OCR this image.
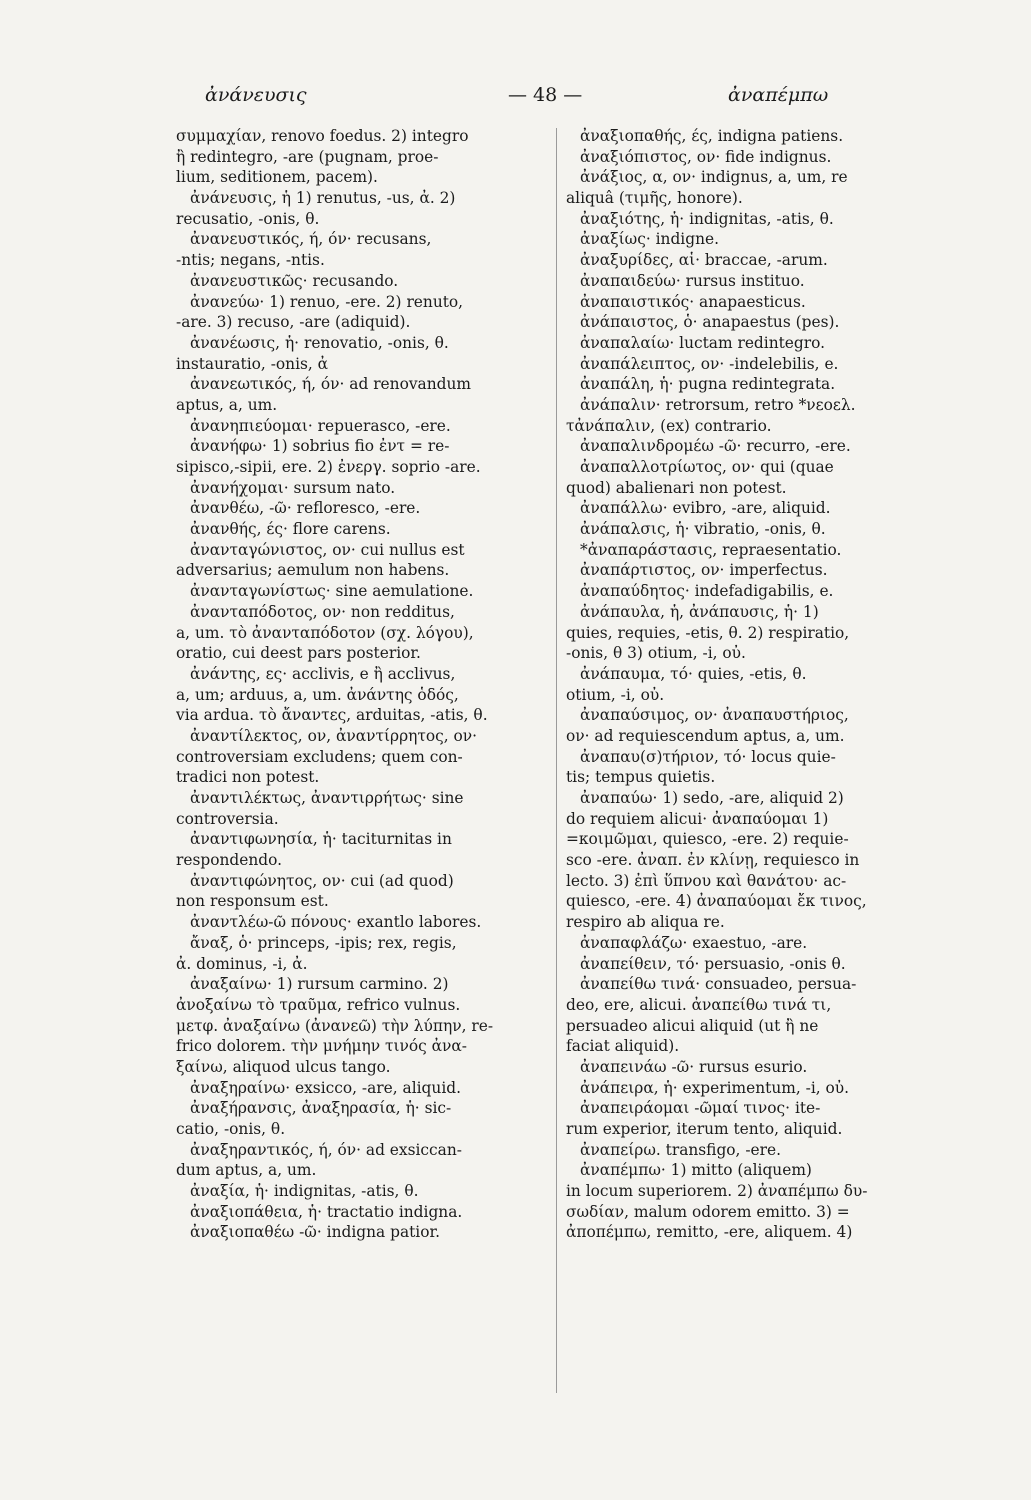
ἀνάνευσις	— 48 —	ἀναπέμπω
συμμαχίαν, renovo foedus. 2) integro
ἢ redintegro, -are (pugnam, proe-
lium, seditionem, pacem).
ἀνάνευσις, ἡ 1) renutus, -us, ἀ. 2)
recusatio, -onis, θ.
ἀνανευστικός, ή, όν· recusans,
-ntis; negans, -ntis.
ἀνανευστικῶς· recusando.
ἀνανεύω· 1) renuo, -ere. 2) renuto,
-are. 3) recuso, -are (adiquid).
ἀνανέωσις, ἡ· renovatio, -onis, θ.
instauratio, -onis, ἀ
ἀνανεωτικός, ή, όν· ad renovandum
aptus, a, um.
ἀνανηπιεύομαι· repuerasco, -ere.
ἀνανήφω· 1) sobrius fio ἐντ = re-
sipisco,-sipii, ere. 2) ἐνεργ. soprio -are.
ἀνανήχομαι· sursum nato.
ἀνανθέω, -ῶ· refloresco, -ere.
ἀνανθής, ές· flore carens.
ἀνανταγώνιστος, ον· cui nullus est
adversarius; aemulum non habens.
ἀνανταγωνίστως· sine aemulatione.
ἀνανταπόδοτος, ον· non redditus,
a, um. τὸ ἀνανταπόδοτον (σχ. λόγου),
oratio, cui deest pars posterior.
ἀνάντης, ες· acclivis, e ἢ acclivus,
a, um; arduus, a, um. ἀνάντης ὁδός,
via ardua. τὸ ἄναντες, arduitas, -atis, θ.
ἀναντίλεκτος, ον, ἀναντίρρητος, ον·
controversiam excludens; quem con-
tradici non potest.
ἀναντιλέκτως, ἀναντιρρήτως· sine
controversia.
ἀναντιφωνησία, ἡ· taciturnitas in
respondendo.
ἀναντιφώνητος, ον· cui (ad quod)
non responsum est.
ἀναντλέω-ῶ πόνους· exantlo labores.
ἄναξ, ὁ· princeps, -ipis; rex, regis,
ἀ. dominus, -i, ἀ.
ἀναξαίνω· 1) rursum carmino. 2)
ἀνοξαίνω τὸ τραῦμα, refrico vulnus.
μετφ. ἀναξαίνω (ἀνανεῶ) τὴν λύπην, re-
frico dolorem. τὴν μνήμην τινός ἀνα-
ξαίνω, aliquod ulcus tango.
ἀναξηραίνω· exsicco, -are, aliquid.
ἀναξήρανσις, ἀναξηρασία, ἡ· sic-
catio, -onis, θ.
ἀναξηραντικός, ή, όν· ad exsiccan-
dum aptus, a, um.
ἀναξία, ἡ· indignitas, -atis, θ.
ἀναξιοπάθεια, ἡ· tractatio indigna.
ἀναξιοπαθέω -ῶ· indigna patior.
ἀναξιοπαθής, ές, indigna patiens.
ἀναξιόπιστος, ον· fide indignus.
ἀνάξιος, α, ον· indignus, a, um, re
aliquâ (τιμῆς, honore).
ἀναξιότης, ἡ· indignitas, -atis, θ.
ἀναξίως· indigne.
ἀναξυρίδες, αἱ· braccae, -arum.
ἀναπαιδεύω· rursus instituo.
ἀναπαιστικός· anapaesticus.
ἀνάπαιστος, ὁ· anapaestus (pes).
ἀναπαλαίω· luctam redintegro.
ἀναπάλειπτος, ον· -indelebilis, e.
ἀναπάλη, ἡ· pugna redintegrata.
ἀνάπαλιν· retrorsum, retro *νεοελ.
τἀνάπαλιν, (ex) contrario.
ἀναπαλινδρομέω -ῶ· recurro, -ere.
ἀναπαλλοτρίωτος, ον· qui (quae
quod) abalienari non potest.
ἀναπάλλω· evibro, -are, aliquid.
ἀνάπαλσις, ἡ· vibratio, -onis, θ.
*ἀναπαράστασις, repraesentatio.
ἀναπάρτιστος, ον· imperfectus.
ἀναπαύδητος· indefadigabilis, e.
ἀνάπαυλα, ἡ, ἀνάπαυσις, ἡ· 1)
quies, requies, -etis, θ. 2) respiratio,
-onis, θ 3) otium, -i, οὐ.
ἀνάπαυμα, τό· quies, -etis, θ.
otium, -i, οὐ.
ἀναπαύσιμος, ον· ἀναπαυστήριος,
ον· ad requiescendum aptus, a, um.
ἀναπαυ(σ)τήριον, τό· locus quie-
tis; tempus quietis.
ἀναπαύω· 1) sedo, -are, aliquid 2)
do requiem alicui· ἀναπαύομαι 1)
=κοιμῶμαι, quiesco, -ere. 2) requie-
sco -ere. ἀναπ. ἐν κλίνῃ, requiesco in
lecto. 3) ἐπὶ ὕπνου καὶ θανάτου· ac-
quiesco, -ere. 4) ἀναπαύομαι ἔκ τινος,
respiro ab aliqua re.
ἀναπαφλάζω· exaestuo, -are.
ἀναπείθειν, τό· persuasio, -onis θ.
ἀναπείθω τινά· consuadeo, persua-
deo, ere, alicui. ἀναπείθω τινά τι,
persuadeo alicui aliquid (ut ἢ ne
faciat aliquid).
ἀναπεινάω -ῶ· rursus esurio.
ἀνάπειρα, ἡ· experimentum, -i, οὐ.
ἀναπειράομαι -ῶμαί τινος· ite-
rum experior, iterum tento, aliquid.
ἀναπείρω. transfigo, -ere.
ἀναπέμπω· 1) mitto (aliquem)
in locum superiorem. 2) ἀναπέμπω δυ-
σωδίαν, malum odorem emitto. 3) =
ἀποπέμπω, remitto, -ere, aliquem. 4)
